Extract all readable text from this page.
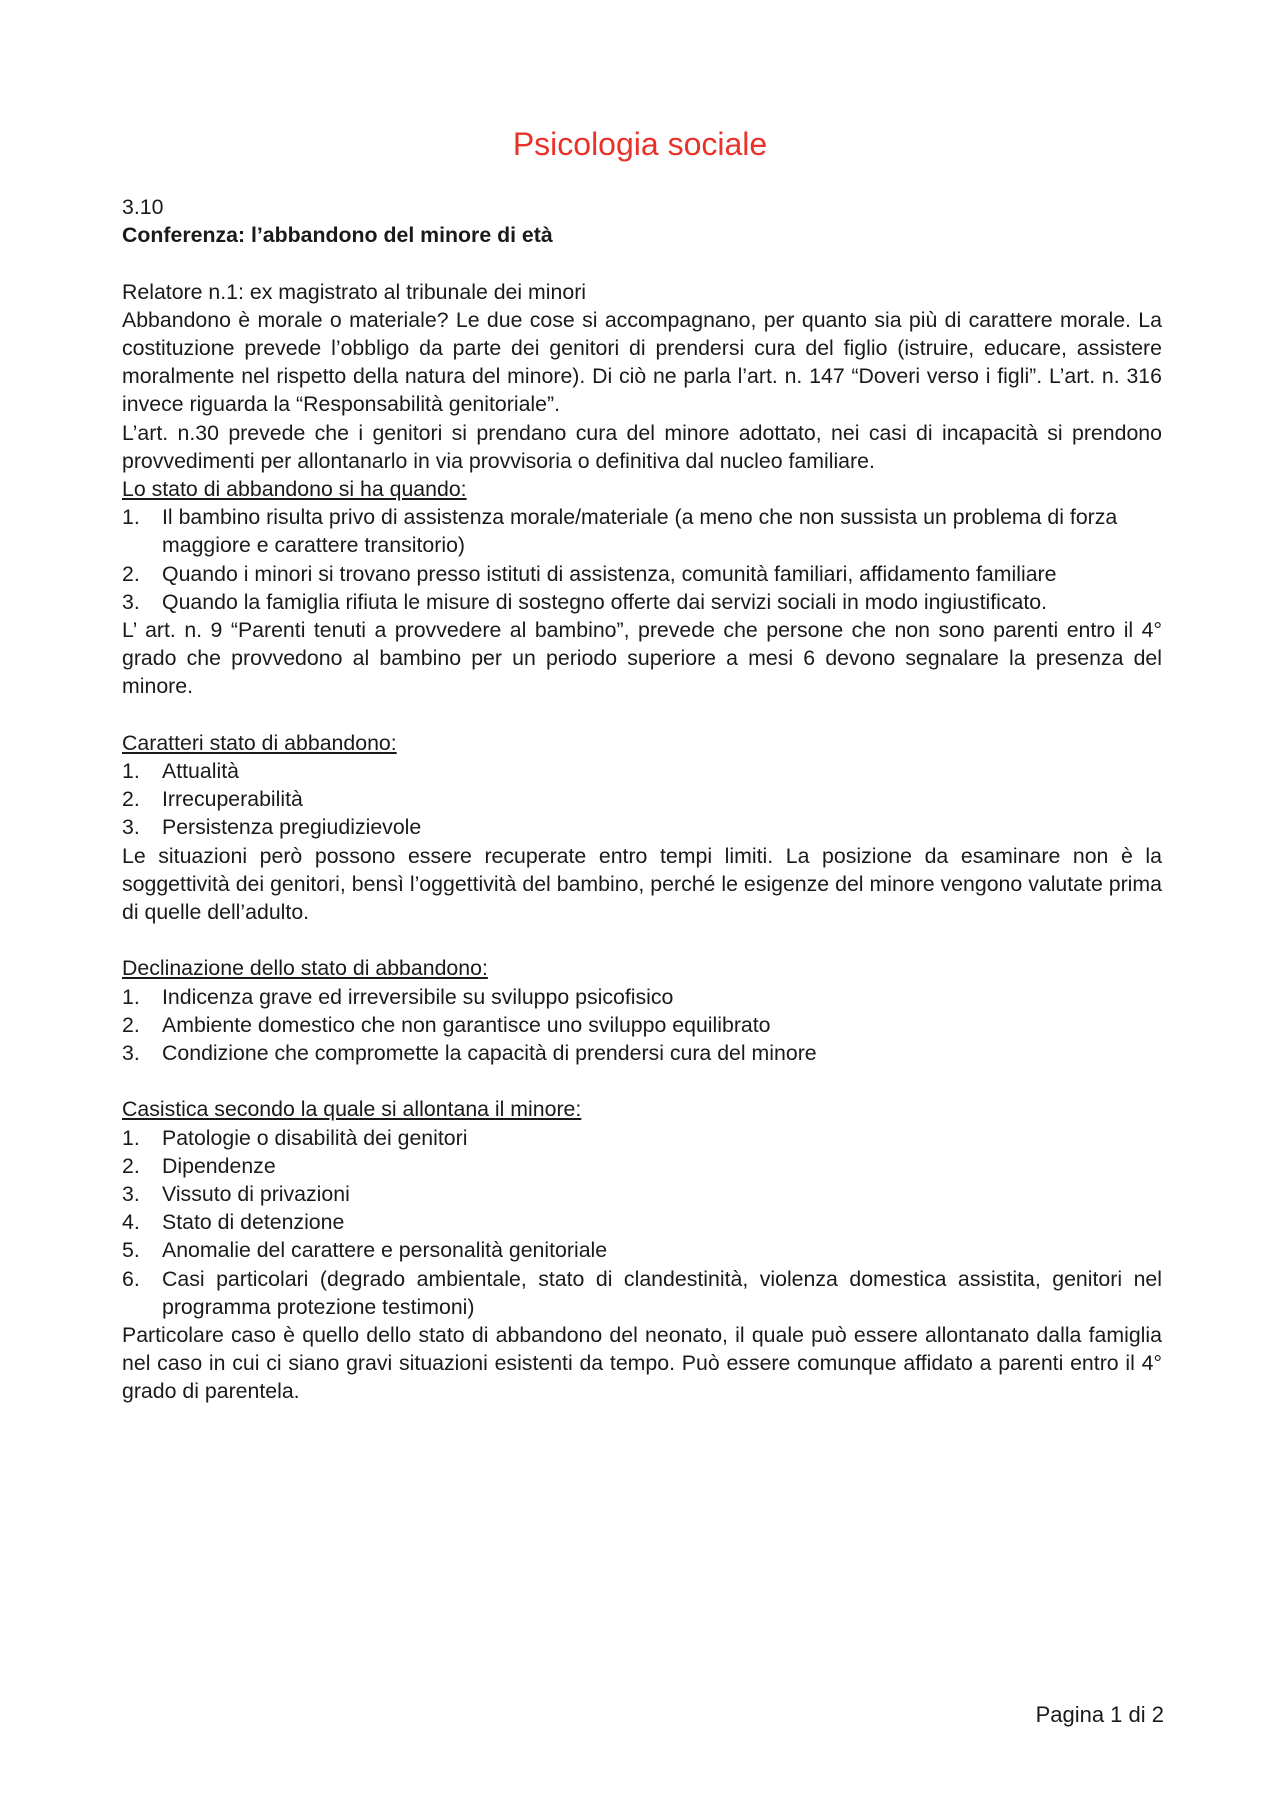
Psicologia sociale

3.10

Conferenza: l’abbandono del minore di età

Relatore n.1: ex magistrato al tribunale dei minori

Abbandono è morale o materiale? Le due cose si accompagnano, per quanto sia più di carattere morale. La costituzione prevede l’obbligo da parte dei genitori di prendersi cura del figlio (istruire, educare, assistere moralmente nel rispetto della natura del minore). Di ciò ne parla l’art. n. 147 “Doveri verso i figli”. L’art. n. 316 invece riguarda la “Responsabilità genitoriale”.

L’art. n.30 prevede che i genitori si prendano cura del minore adottato, nei casi di incapacità si prendono provvedimenti per allontanarlo in via provvisoria o definitiva dal nucleo familiare.

Lo stato di abbandono si ha quando:

1. Il bambino risulta privo di assistenza morale/materiale (a meno che non sussista un problema di forza maggiore e carattere transitorio)
2. Quando i minori si trovano presso istituti di assistenza, comunità familiari, affidamento familiare
3. Quando la famiglia rifiuta le misure di sostegno offerte dai servizi sociali in modo ingiustificato.

L’ art. n. 9 “Parenti tenuti a provvedere al bambino”, prevede che persone che non sono parenti entro il 4° grado che provvedono al bambino per un periodo superiore a mesi 6 devono segnalare la presenza del minore.

Caratteri stato di abbandono:

1. Attualità
2. Irrecuperabilità
3. Persistenza pregiudizievole

Le situazioni però possono essere recuperate entro tempi limiti. La posizione da esaminare non è la soggettività dei genitori, bensì l’oggettività del bambino, perché le esigenze del minore vengono valutate prima di quelle dell’adulto.

Declinazione dello stato di abbandono:

1. Indicenza grave ed irreversibile su sviluppo psicofisico
2. Ambiente domestico che non garantisce uno sviluppo equilibrato
3. Condizione che compromette la capacità di prendersi cura del minore

Casistica secondo la quale si allontana il minore:

1. Patologie o disabilità dei genitori
2. Dipendenze
3. Vissuto di privazioni
4. Stato di detenzione
5. Anomalie del carattere e personalità genitoriale
6. Casi particolari (degrado ambientale, stato di clandestinità, violenza domestica assistita, genitori nel programma protezione testimoni)

Particolare caso è quello dello stato di abbandono del neonato, il quale può essere allontanato dalla famiglia nel caso in cui ci siano gravi situazioni esistenti da tempo. Può essere comunque affidato a parenti entro il 4° grado di parentela.

Pagina 1 di 2
